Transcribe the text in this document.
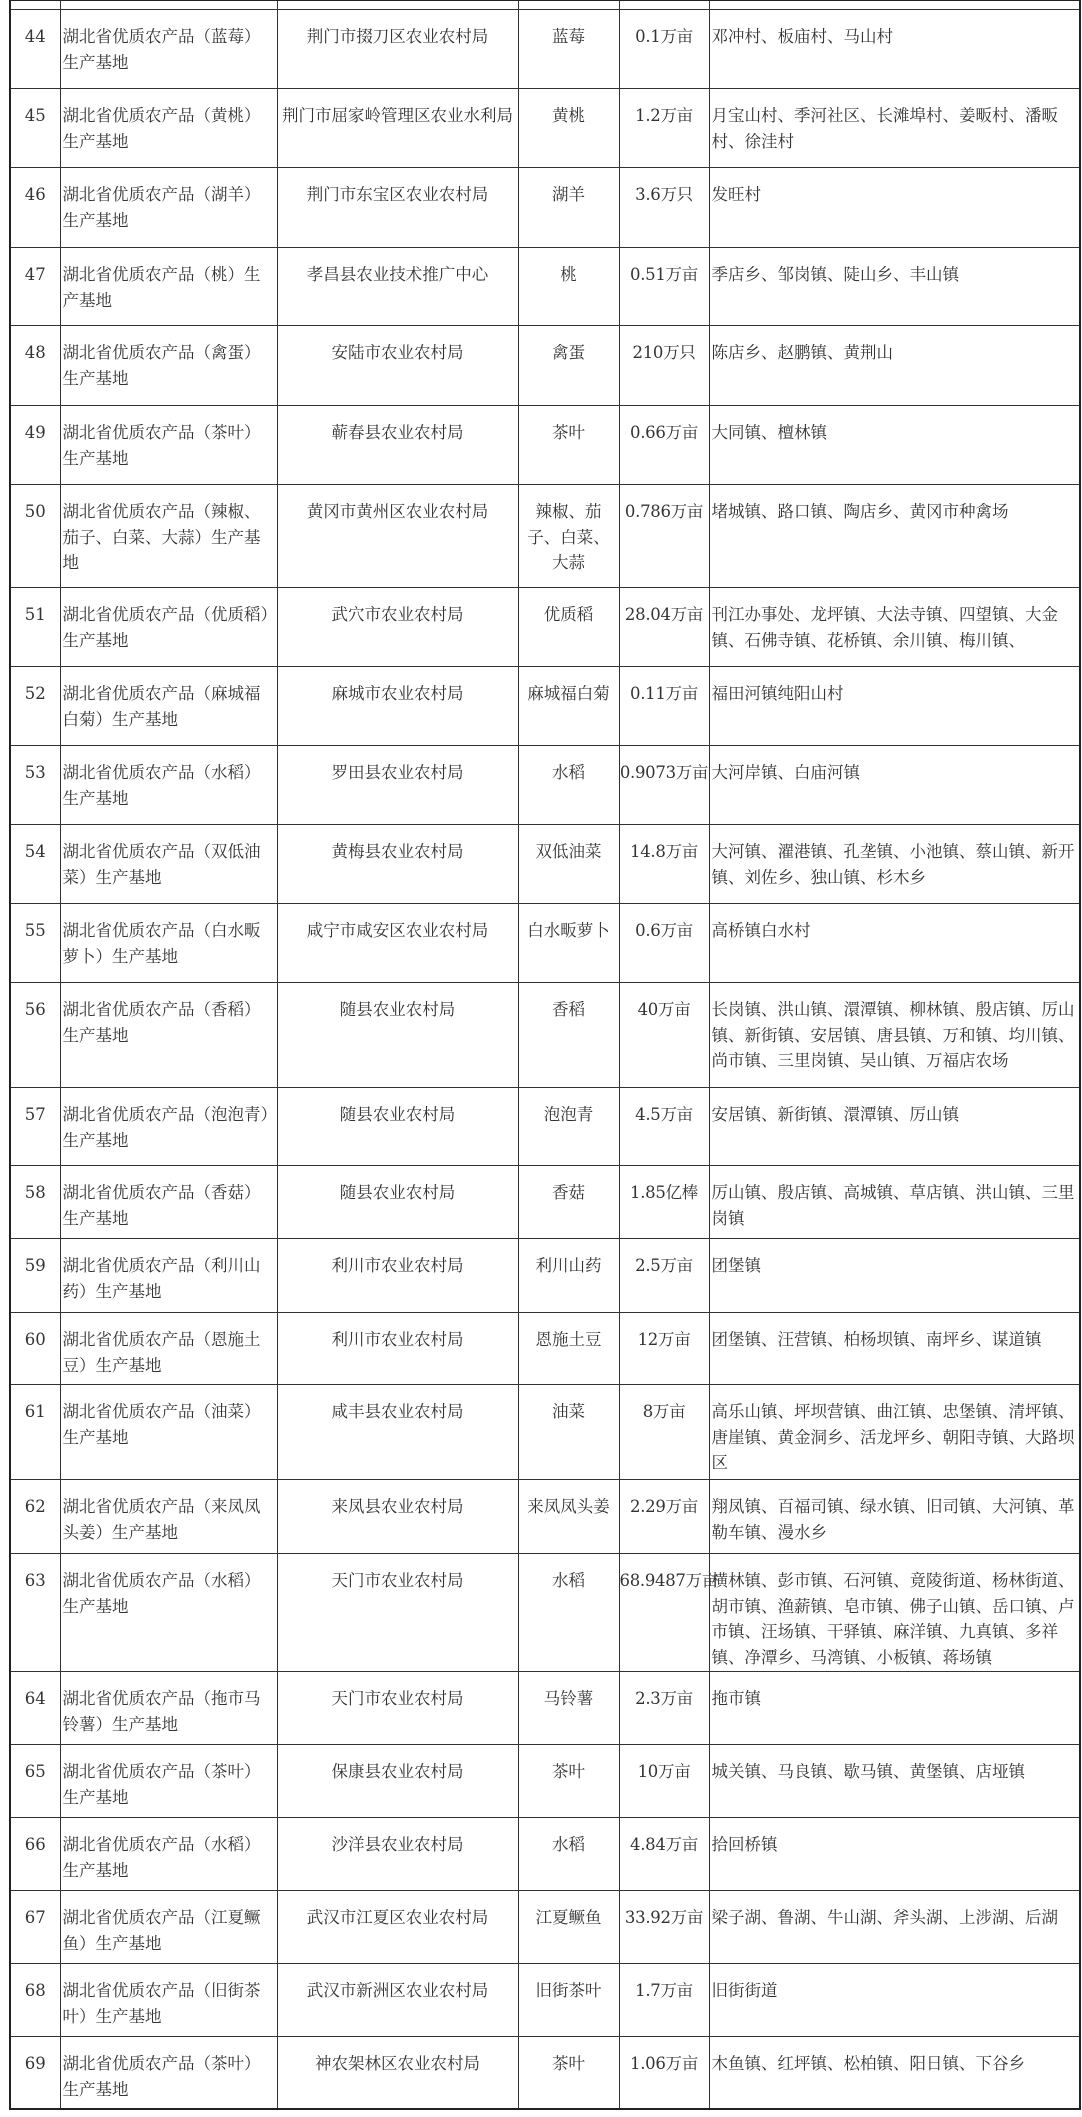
44	湖北省优质农产品（蓝莓）生产基地	荆门市掇刀区农业农村局	蓝莓	0.1万亩	邓冲村、板庙村、马山村
45	湖北省优质农产品（黄桃）生产基地	荆门市屈家岭管理区农业水利局	黄桃	1.2万亩	月宝山村、季河社区、长滩埠村、姜畈村、潘畈村、徐洼村
46	湖北省优质农产品（湖羊）生产基地	荆门市东宝区农业农村局	湖羊	3.6万只	发旺村
47	湖北省优质农产品（桃）生产基地	孝昌县农业技术推广中心	桃	0.51万亩	季店乡、邹岗镇、陡山乡、丰山镇
48	湖北省优质农产品（禽蛋）生产基地	安陆市农业农村局	禽蛋	210万只	陈店乡、赵鹏镇、黄荆山
49	湖北省优质农产品（茶叶）生产基地	蕲春县农业农村局	茶叶	0.66万亩	大同镇、檀林镇
50	湖北省优质农产品（辣椒、茄子、白菜、大蒜）生产基地	黄冈市黄州区农业农村局	辣椒、茄子、白菜、大蒜	0.786万亩	堵城镇、路口镇、陶店乡、黄冈市种禽场
51	湖北省优质农产品（优质稻）生产基地	武穴市农业农村局	优质稻	28.04万亩	刊江办事处、龙坪镇、大法寺镇、四望镇、大金镇、石佛寺镇、花桥镇、余川镇、梅川镇、
52	湖北省优质农产品（麻城福白菊）生产基地	麻城市农业农村局	麻城福白菊	0.11万亩	福田河镇纯阳山村
53	湖北省优质农产品（水稻）生产基地	罗田县农业农村局	水稻	0.9073万亩	大河岸镇、白庙河镇
54	湖北省优质农产品（双低油菜）生产基地	黄梅县农业农村局	双低油菜	14.8万亩	大河镇、濯港镇、孔垄镇、小池镇、蔡山镇、新开镇、刘佐乡、独山镇、杉木乡
55	湖北省优质农产品（白水畈萝卜）生产基地	咸宁市咸安区农业农村局	白水畈萝卜	0.6万亩	高桥镇白水村
56	湖北省优质农产品（香稻）生产基地	随县农业农村局	香稻	40万亩	长岗镇、洪山镇、澴潭镇、柳林镇、殷店镇、厉山镇、新街镇、安居镇、唐县镇、万和镇、均川镇、尚市镇、三里岗镇、吴山镇、万福店农场
57	湖北省优质农产品（泡泡青）生产基地	随县农业农村局	泡泡青	4.5万亩	安居镇、新街镇、澴潭镇、厉山镇
58	湖北省优质农产品（香菇）生产基地	随县农业农村局	香菇	1.85亿棒	厉山镇、殷店镇、高城镇、草店镇、洪山镇、三里岗镇
59	湖北省优质农产品（利川山药）生产基地	利川市农业农村局	利川山药	2.5万亩	团堡镇
60	湖北省优质农产品（恩施土豆）生产基地	利川市农业农村局	恩施土豆	12万亩	团堡镇、汪营镇、柏杨坝镇、南坪乡、谋道镇
61	湖北省优质农产品（油菜）生产基地	咸丰县农业农村局	油菜	8万亩	高乐山镇、坪坝营镇、曲江镇、忠堡镇、清坪镇、唐崖镇、黄金洞乡、活龙坪乡、朝阳寺镇、大路坝区
62	湖北省优质农产品（来凤凤头姜）生产基地	来凤县农业农村局	来凤凤头姜	2.29万亩	翔凤镇、百福司镇、绿水镇、旧司镇、大河镇、革勒车镇、漫水乡
63	湖北省优质农产品（水稻）生产基地	天门市农业农村局	水稻	68.9487万亩	横林镇、彭市镇、石河镇、竟陵街道、杨林街道、胡市镇、渔薪镇、皂市镇、佛子山镇、岳口镇、卢市镇、汪场镇、干驿镇、麻洋镇、九真镇、多祥镇、净潭乡、马湾镇、小板镇、蒋场镇
64	湖北省优质农产品（拖市马铃薯）生产基地	天门市农业农村局	马铃薯	2.3万亩	拖市镇
65	湖北省优质农产品（茶叶）生产基地	保康县农业农村局	茶叶	10万亩	城关镇、马良镇、歇马镇、黄堡镇、店垭镇
66	湖北省优质农产品（水稻）生产基地	沙洋县农业农村局	水稻	4.84万亩	拾回桥镇
67	湖北省优质农产品（江夏鳜鱼）生产基地	武汉市江夏区农业农村局	江夏鳜鱼	33.92万亩	梁子湖、鲁湖、牛山湖、斧头湖、上涉湖、后湖
68	湖北省优质农产品（旧街茶叶）生产基地	武汉市新洲区农业农村局	旧街茶叶	1.7万亩	旧街街道
69	湖北省优质农产品（茶叶）生产基地	神农架林区农业农村局	茶叶	1.06万亩	木鱼镇、红坪镇、松柏镇、阳日镇、下谷乡
